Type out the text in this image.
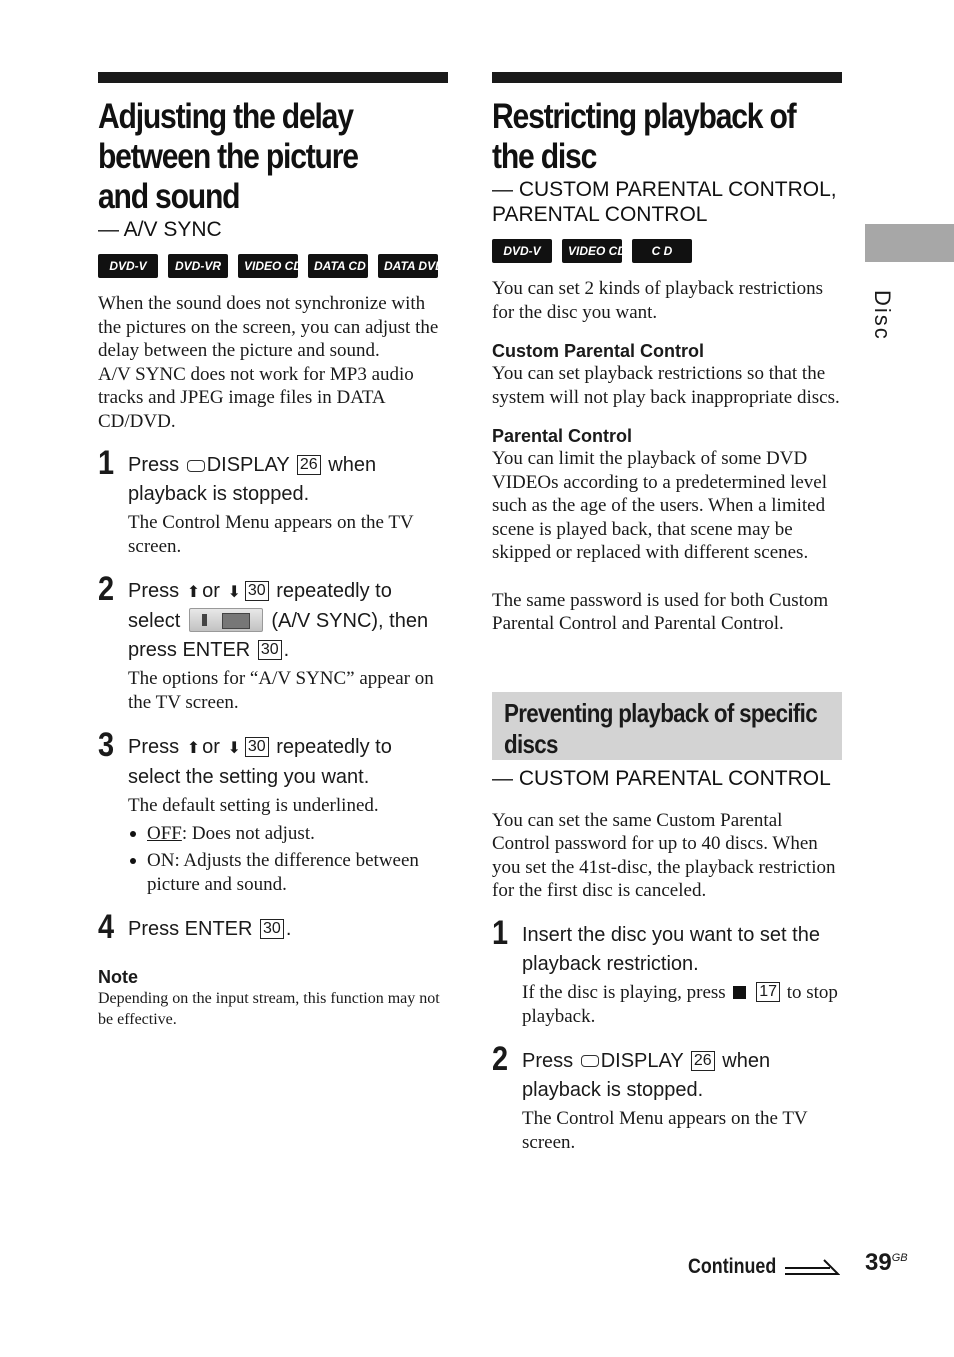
Adjusting the delay
between the picture
and sound

— A/V SYNC

DVD-V	DVD-VR	VIDEO CD DATA CD	DATA DVD

When the sound does not synchronize with the pictures on the screen, you can adjust the delay between the picture and sound.

A/V SYNC does not work for MP3 audio tracks and JPEG image files in DATA CD/DVD.

1 Press DISPLAY 26 when playback is stopped.

The Control Menu appears on the TV screen.

2 Press ⬆ or ⬇ 30 repeatedly to select	(A/V SYNC), then press ENTER 30 .

The options for “A/V SYNC” appear on the TV screen.

3 Press ⬆ or ⬇ 30 repeatedly to select the setting you want.

The default setting is underlined.

OFF: Does not adjust.
ON: Adjusts the difference between picture and sound.
4 Press ENTER 30 .

Note

Depending on the input stream, this function may not be effective.

Restricting playback of
the disc

— CUSTOM PARENTAL CONTROL, PARENTAL CONTROL

DVD-V	VIDEO CD	C D

You can set 2 kinds of playback restrictions for the disc you want.

Custom Parental Control

You can set playback restrictions so that the system will not play back inappropriate discs.

Parental Control

You can limit the playback of some DVD VIDEOs according to a predetermined level such as the age of the users. When a limited scene is played back, that scene may be skipped or replaced with different scenes.

The same password is used for both Custom Parental Control and Parental Control.

Preventing playback of specific
discs

— CUSTOM PARENTAL CONTROL

You can set the same Custom Parental Control password for up to 40 discs. When you set the 41st-disc, the playback restriction for the first disc is canceled.

1 Insert the disc you want to set the playback restriction.

If the disc is playing, press 17 to stop playback.

2 Press DISPLAY 26 when playback is stopped.

The Control Menu appears on the TV screen.

Disc
Continued	$39^{GB}$
